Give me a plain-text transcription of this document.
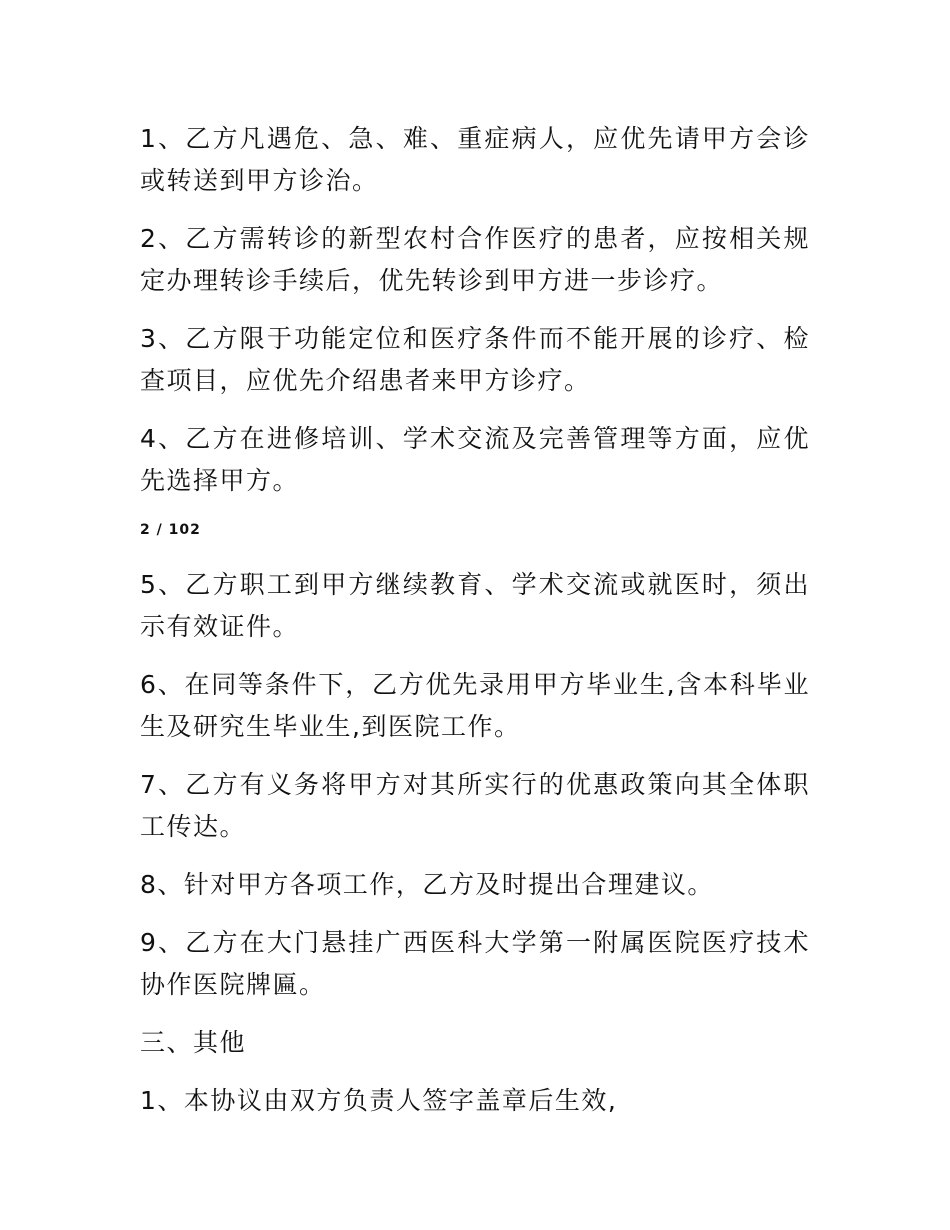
1、乙方凡遇危、急、难、重症病人，应优先请甲方会诊或转送到甲方诊治。

2、乙方需转诊的新型农村合作医疗的患者，应按相关规定办理转诊手续后，优先转诊到甲方进一步诊疗。

3、乙方限于功能定位和医疗条件而不能开展的诊疗、检查项目，应优先介绍患者来甲方诊疗。

4、乙方在进修培训、学术交流及完善管理等方面，应优先选择甲方。

2 / 102

5、乙方职工到甲方继续教育、学术交流或就医时，须出示有效证件。

6、在同等条件下，乙方优先录用甲方毕业生,含本科毕业生及研究生毕业生,到医院工作。

7、乙方有义务将甲方对其所实行的优惠政策向其全体职工传达。

8、针对甲方各项工作，乙方及时提出合理建议。

9、乙方在大门悬挂广西医科大学第一附属医院医疗技术协作医院牌匾。

三、其他

1、本协议由双方负责人签字盖章后生效,
